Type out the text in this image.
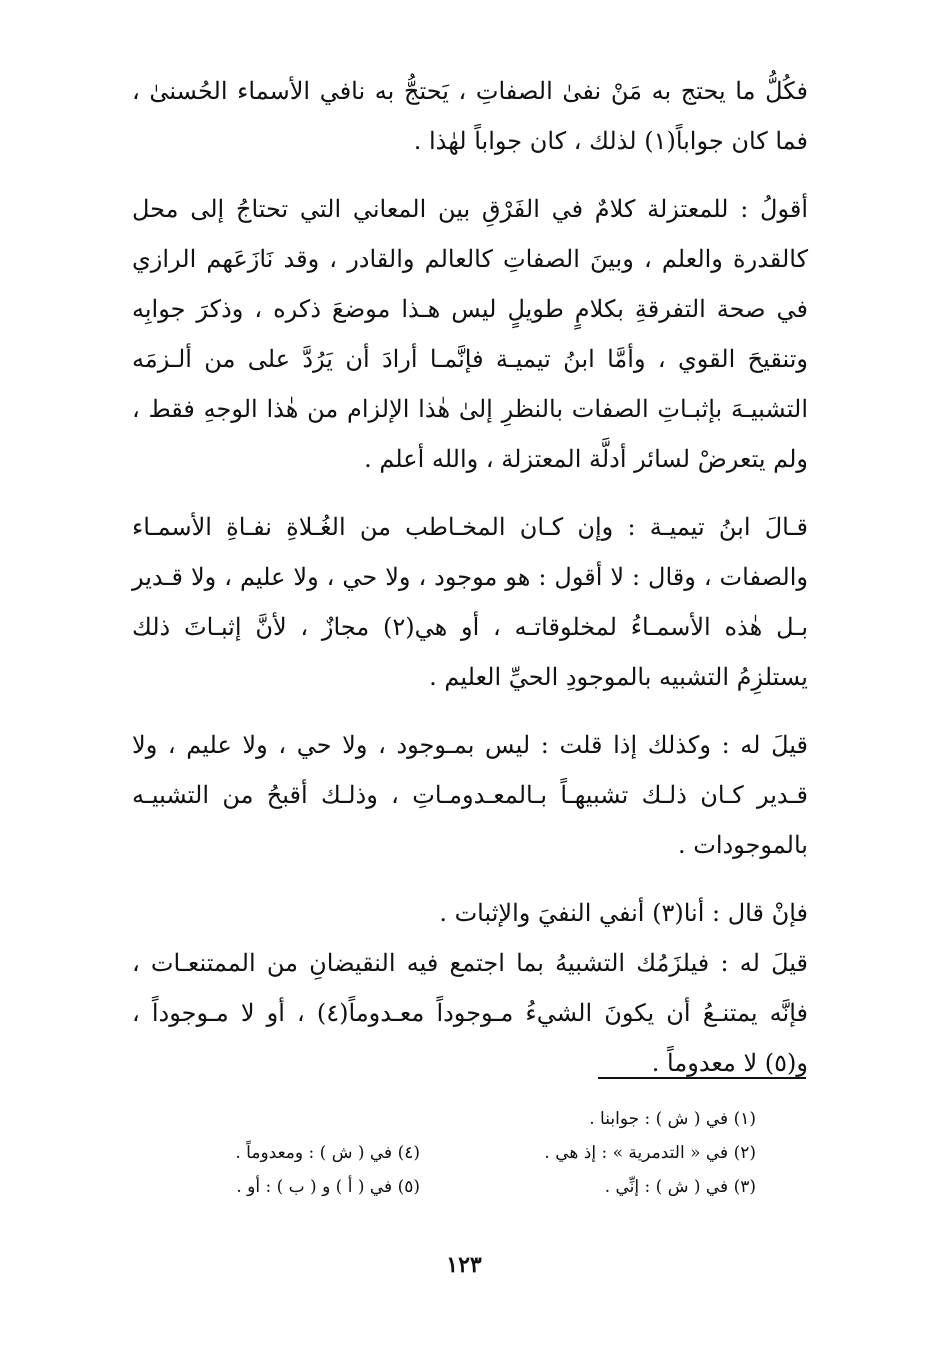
فكُلُّ ما يحتج به مَنْ نفىٰ الصفاتِ ، يَحتجُّ به نافي الأسماء الحُسنىٰ ، فما كان جواباً(١) لذلك ، كان جواباً لهٰذا .

أقولُ : للمعتزلة كلامٌ في الفَرْقِ بين المعاني التي تحتاجُ إلى محل كالقدرة والعلم ، وبينَ الصفاتِ كالعالم والقادر ، وقد نَازَعَهم الرازي في صحة التفرقةِ بكلامٍ طويلٍ ليس هـذا موضعَ ذكره ، وذكرَ جوابِه وتنقيحَ القوي ، وأمَّا ابنُ تيميـة فإنَّمـا أرادَ أن يَرُدَّ على من ألـزمَه التشبيـهَ بإثبـاتِ الصفات بالنظرِ إلىٰ هٰذا الإلزام من هٰذا الوجهِ فقط ، ولم يتعرضْ لسائر أدلَّة المعتزلة ، والله أعلم .

قـالَ ابنُ تيميـة : وإن كـان المخـاطب من الغُـلاةِ نفـاةِ الأسمـاء والصفات ، وقال : لا أقول : هو موجود ، ولا حي ، ولا عليم ، ولا قـدير بـل هٰذه الأسمـاءُ لمخلوقاتـه ، أو هي(٢) مجازٌ ، لأنَّ إثبـاتَ ذلك يستلزِمُ التشبيه بالموجودِ الحيِّ العليم .

قيلَ له : وكذلك إذا قلت : ليس بمـوجود ، ولا حي ، ولا عليم ، ولا قـدير كـان ذلـك تشبيهـاً بـالمعـدومـاتِ ، وذلـك أقبحُ من التشبيـه بالموجودات .

فإنْ قال : أنا(٣) أنفي النفيَ والإثبات .

قيلَ له : فيلزَمُك التشبيهُ بما اجتمع فيه النقيضانِ من الممتنعـات ، فإنَّه يمتنـعُ أن يكونَ الشيءُ مـوجوداً معـدوماً(٤) ، أو لا مـوجوداً ، و(٥) لا معدوماً .

(١) في ( ش ) : جوابنا .
(٢) في « التدمرية » : إذ هي .
(٣) في ( ش ) : إنِّي .
(٤) في ( ش ) : ومعدوماً .
(٥) في ( أ ) و ( ب ) : أو .
١٢٣
